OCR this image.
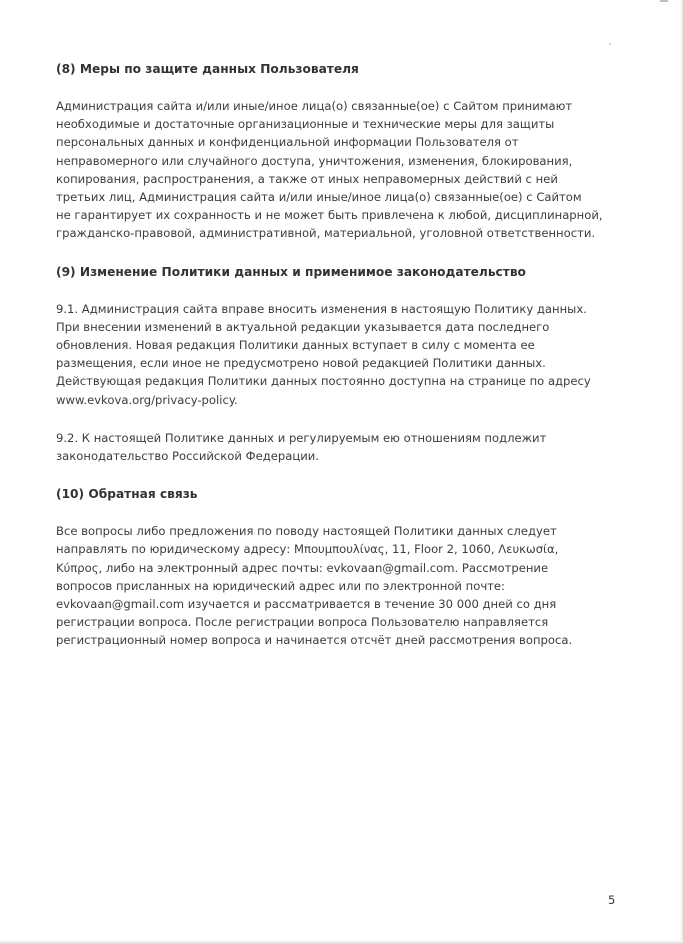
(8) Меры по защите данных Пользователя

Администрация сайта и/или иные/иное лица(о) связанные(ое) с Сайтом принимают
необходимые и достаточные организационные и технические меры для защиты
персональных данных и конфиденциальной информации Пользователя от
неправомерного или случайного доступа, уничтожения, изменения, блокирования,
копирования, распространения, а также от иных неправомерных действий с ней
третьих лиц, Администрация сайта и/или иные/иное лица(о) связанные(ое) с Сайтом
не гарантирует их сохранность и не может быть привлечена к любой, дисциплинарной,
гражданско-правовой, административной, материальной, уголовной ответственности.

(9) Изменение Политики данных и применимое законодательство

9.1. Администрация сайта вправе вносить изменения в настоящую Политику данных.
При внесении изменений в актуальной редакции указывается дата последнего
обновления. Новая редакция Политики данных вступает в силу с момента ее
размещения, если иное не предусмотрено новой редакцией Политики данных.
Действующая редакция Политики данных постоянно доступна на странице по адресу
www.evkova.org/privacy-policy.

9.2. К настоящей Политике данных и регулируемым ею отношениям подлежит
законодательство Российской Федерации.

(10) Обратная связь

Все вопросы либо предложения по поводу настоящей Политики данных следует
направлять по юридическому адресу: Μπουμπουλίνας, 11, Floor 2, 1060, Λευκωσία,
Κύπρος, либо на электронный адрес почты: evkovaan@gmail.com. Рассмотрение
вопросов присланных на юридический адрес или по электронной почте:
evkovaan@gmail.com изучается и рассматривается в течение 30 000 дней со дня
регистрации вопроса. После регистрации вопроса Пользователю направляется
регистрационный номер вопроса и начинается отсчёт дней рассмотрения вопроса.

5
